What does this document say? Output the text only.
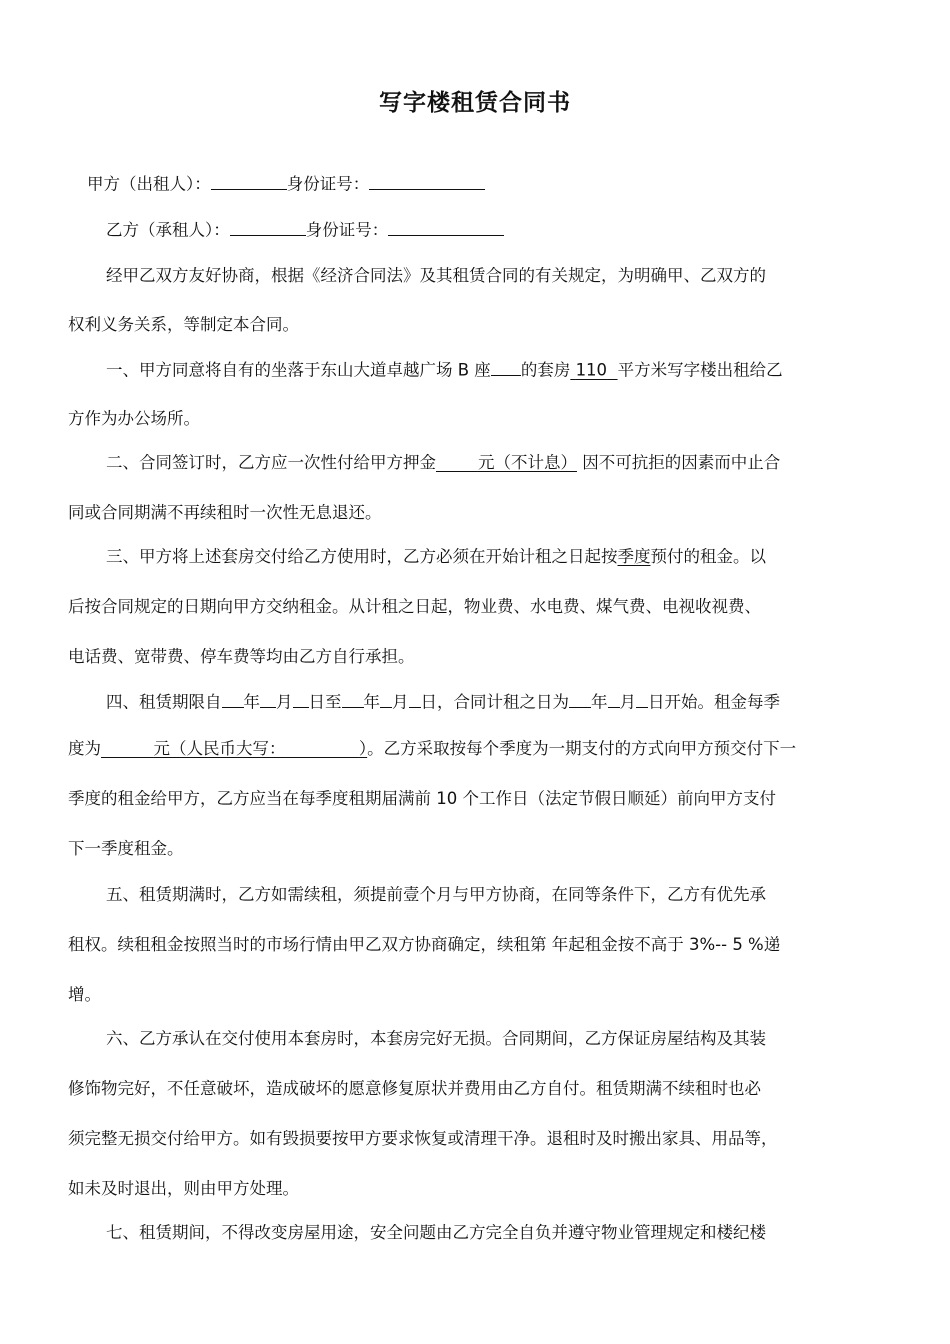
写字楼租赁合同书
甲方（出租人）：	身份证号：
乙方（承租人）：	身份证号：
经甲乙双方友好协商，根据《经济合同法》及其租赁合同的有关规定，为明确甲、乙双方的
权利义务关系，等制定本合同。
一、甲方同意将自有的坐落于东山大道卓越广场 B 座 的套房 110 平方米写字楼出租给乙
方作为办公场所。
二、合同签订时，乙方应一次性付给甲方押金	元（不计息） 因不可抗拒的因素而中止合
同或合同期满不再续租时一次性无息退还。
三、甲方将上述套房交付给乙方使用时，乙方必须在开始计租之日起按季度预付的租金。以
后按合同规定的日期向甲方交纳租金。从计租之日起，物业费、水电费、煤气费、电视收视费、
电话费、宽带费、停车费等均由乙方自行承担。
四、租赁期限自 年 月 日至 年 月 日，合同计租之日为 年 月 日开始。租金每季
度为	元（人民币大写：	）。乙方采取按每个季度为一期支付的方式向甲方预交付下一
季度的租金给甲方，乙方应当在每季度租期届满前 10 个工作日（法定节假日顺延）前向甲方支付
下一季度租金。
五、租赁期满时，乙方如需续租，须提前壹个月与甲方协商，在同等条件下，乙方有优先承
租权。续租租金按照当时的市场行情由甲乙双方协商确定，续租第 年起租金按不高于 3%-- 5 %递
增。
六、乙方承认在交付使用本套房时，本套房完好无损。合同期间，乙方保证房屋结构及其装
修饰物完好，不任意破坏，造成破坏的愿意修复原状并费用由乙方自付。租赁期满不续租时也必
须完整无损交付给甲方。如有毁损要按甲方要求恢复或清理干净。退租时及时搬出家具、用品等，
如未及时退出，则由甲方处理。
七、租赁期间，不得改变房屋用途，安全问题由乙方完全自负并遵守物业管理规定和楼纪楼
